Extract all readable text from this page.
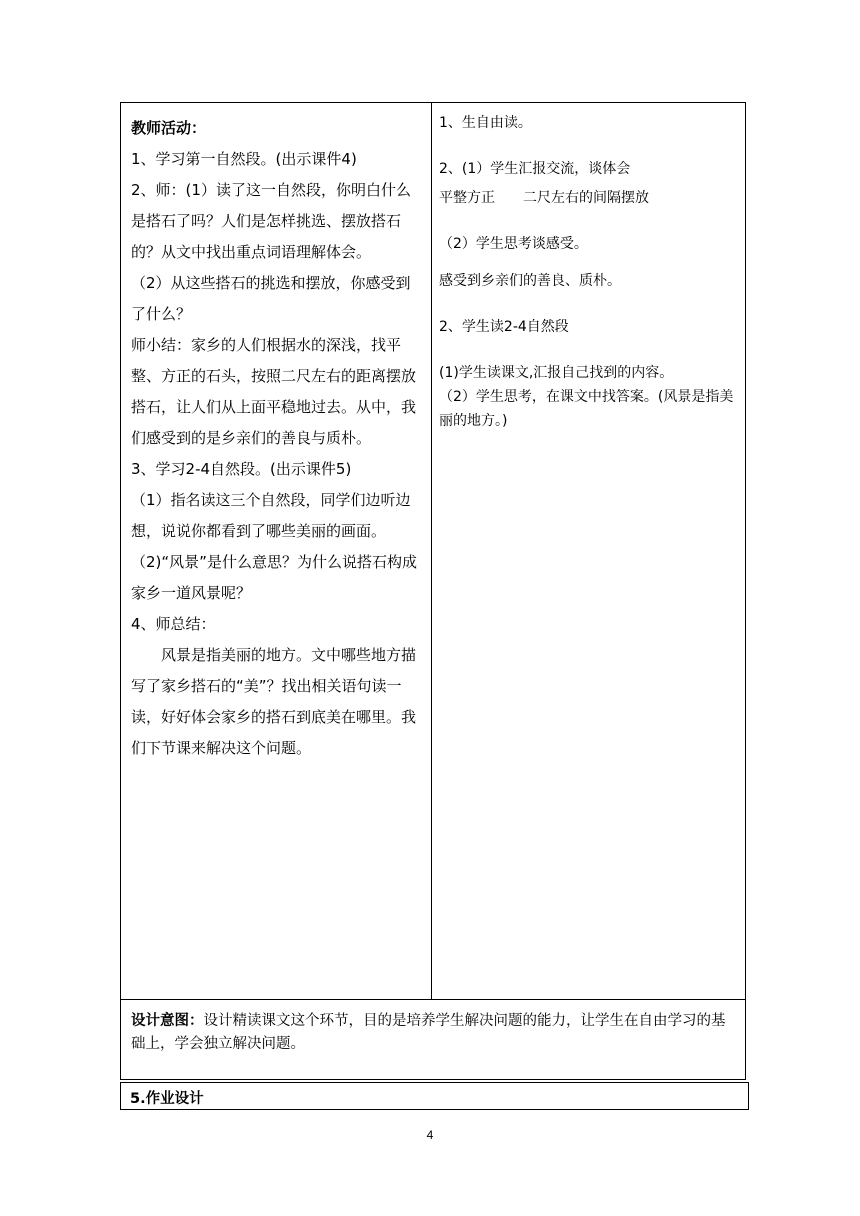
教师活动：

1、学习第一自然段。(出示课件4)

2、师：(1）读了这一自然段，你明白什么是搭石了吗？人们是怎样挑选、摆放搭石的？从文中找出重点词语理解体会。

（2）从这些搭石的挑选和摆放，你感受到了什么？

师小结：家乡的人们根据水的深浅，找平整、方正的石头，按照二尺左右的距离摆放搭石，让人们从上面平稳地过去。从中，我们感受到的是乡亲们的善良与质朴。

3、学习2-4自然段。(出示课件5)

（1）指名读这三个自然段，同学们边听边想，说说你都看到了哪些美丽的画面。

（2)“风景”是什么意思？为什么说搭石构成家乡一道风景呢？

4、师总结：

风景是指美丽的地方。文中哪些地方描写了家乡搭石的“美”？找出相关语句读一读，好好体会家乡的搭石到底美在哪里。我们下节课来解决这个问题。

1、生自由读。

2、(1）学生汇报交流，谈体会

平整方正　　二尺左右的间隔摆放

（2）学生思考谈感受。

感受到乡亲们的善良、质朴。

2、学生读2-4自然段

(1)学生读课文,汇报自己找到的内容。

（2）学生思考，在课文中找答案。(风景是指美丽的地方。)

设计意图：设计精读课文这个环节，目的是培养学生解决问题的能力，让学生在自由学习的基础上，学会独立解决问题。
5.作业设计
4
